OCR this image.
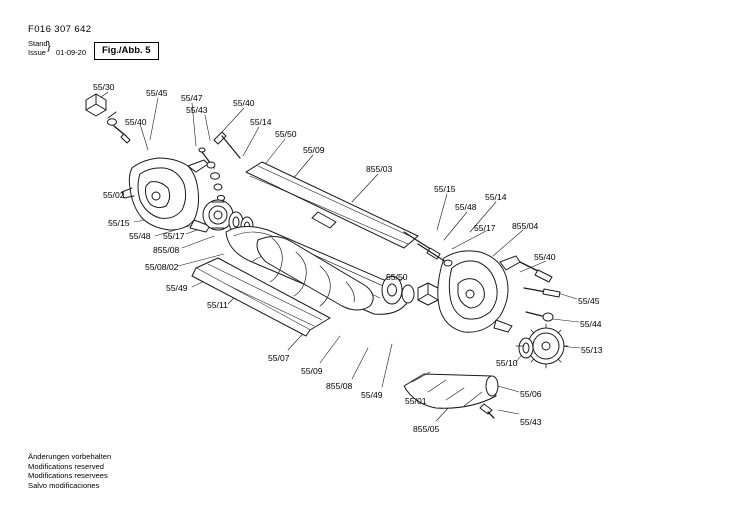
F016 307 642
Stand
Issue
}
01-09-20	Fig./Abb. 5
55/30
55/45 55/47	55/40
55/43
55/40	55/14
55/50
55/09
855/03
55/02
55/15
55/14
55/48
55/17 855/04
55/15
55/48 55/17
855/08
55/08/02
55/40
55/49
55/50
55/11	55/45
55/44
55/13
55/10
55/07
55/09
855/08
55/49
55/01
55/06
55/43
855/05
Änderungen vorbehalten
Modifications reserved
Modifications reservees
Salvo modificaciones
